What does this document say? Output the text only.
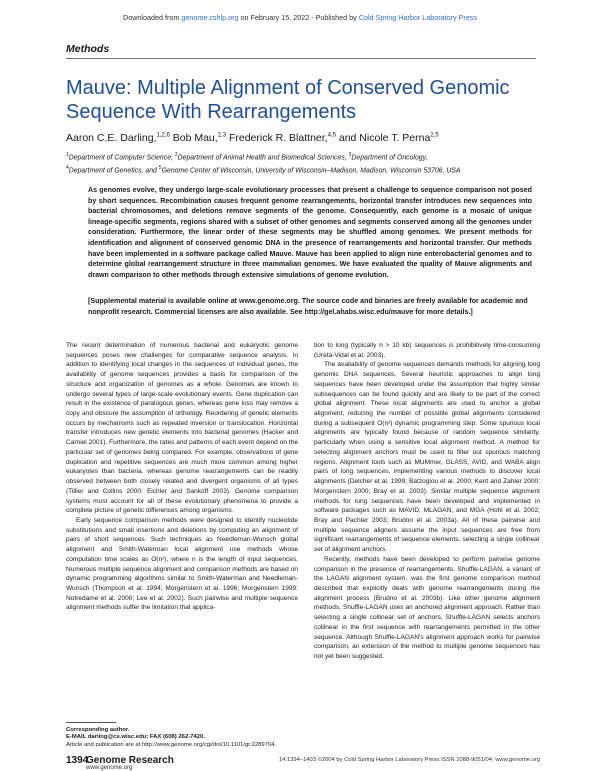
Downloaded from genome.cshlp.org on February 15, 2022 - Published by Cold Spring Harbor Laboratory Press
Methods
Mauve: Multiple Alignment of Conserved Genomic Sequence With Rearrangements
Aaron C.E. Darling,$^{1,2,6}$ Bob Mau,$^{2,3}$ Frederick R. Blattner,$^{4,5}$ and Nicole T. Perna$^{2,5}$
$^1$Department of Computer Science, $^2$Department of Animal Health and Biomedical Sciences, $^3$Department of Oncology,
$^4$Department of Genetics, and $^5$Genome Center of Wisconsin, University of Wisconsin–Madison, Madison, Wisconsin 53706, USA
As genomes evolve, they undergo large-scale evolutionary processes that present a challenge to sequence comparison not posed by short sequences. Recombination causes frequent genome rearrangements, horizontal transfer introduces new sequences into bacterial chromosomes, and deletions remove segments of the genome. Consequently, each genome is a mosaic of unique lineage-specific segments, regions shared with a subset of other genomes and segments conserved among all the genomes under consideration. Furthermore, the linear order of these segments may be shuffled among genomes. We present methods for identification and alignment of conserved genomic DNA in the presence of rearrangements and horizontal transfer. Our methods have been implemented in a software package called Mauve. Mauve has been applied to align nine enterobacterial genomes and to determine global rearrangement structure in three mammalian genomes. We have evaluated the quality of Mauve alignments and drawn comparison to other methods through extensive simulations of genome evolution.
[Supplemental material is available online at www.genome.org. The source code and binaries are freely available for academic and nonprofit research. Commercial licenses are also available. See http://gel.ahabs.wisc.edu/mauve for more details.]

The recent determination of numerous bacterial and eukaryotic genome sequences poses new challenges for comparative sequence analysis. In addition to identifying local changes in the sequences of individual genes, the availability of genome sequences provides a basis for comparison of the structure and organization of genomes as a whole. Genomes are known to undergo several types of large-scale evolutionary events. Gene duplication can result in the existence of paralogous genes, whereas gene loss may remove a copy and obscure the assumption of orthology. Reordering of genetic elements occurs by mechanisms such as repeated inversion or translocation. Horizontal transfer introduces new genetic elements into bacterial genomes (Hacker and Carniel 2001). Furthermore, the rates and patterns of each event depend on the particular set of genomes being compared. For example, observations of gene duplication and repetitive sequences are much more common among higher eukaryotes than bacteria, whereas genome rearrangements can be readily observed between both closely related and divergent organisms of all types (Tillier and Collins 2000; Eichler and Sankoff 2003). Genome comparison systems must account for all of these evolutionary phenomena to provide a complete picture of genetic differences among organisms.

Early sequence comparison methods were designed to identify nucleotide substitutions and small insertions and deletions by computing an alignment of pairs of short sequences. Such techniques as Needleman-Wunsch global alignment and Smith-Waterman local alignment use methods whose computation time scales as O(n²), where n is the length of input sequences. Numerous multiple sequence alignment and comparison methods are based on dynamic programming algorithms similar to Smith-Waterman and Needleman-Wunsch (Thompson et al. 1994; Morgenstern et al. 1996; Morgenstern 1999; Notredame et al. 2000; Lee et al. 2002). Such pairwise and multiple sequence alignment methods suffer the limitation that applica-

tion to long (typically n > 10 kb) sequences is prohibitively time-consuming (Ureta-Vidal et al. 2003).

The availability of genome sequences demands methods for aligning long genomic DNA sequences. Several heuristic approaches to align long sequences have been developed under the assumption that highly similar subsequences can be found quickly and are likely to be part of the correct global alignment. These local alignments are used to anchor a global alignment, reducing the number of possible global alignments considered during a subsequent O(n²) dynamic programming step. Some spurious local alignments are typically found because of random sequence similarity, particularly when using a sensitive local alignment method. A method for selecting alignment anchors must be used to filter out spurious matching regions. Alignment tools such as MUMmer, GLASS, AVID, and WABA align pairs of long sequences, implementing various methods to discover local alignments (Delcher et al. 1999; Batzoglou et al. 2000; Kent and Zahler 2000; Morgenstern 2000; Bray et al. 2003). Similar multiple sequence alignment methods for long sequences have been developed and implemented in software packages such as MAVID, MLAGAN, and MGA (Hohl et al. 2002; Bray and Pachter 2003; Brudno et al. 2003a). All of these pairwise and multiple sequence aligners assume the input sequences are free from significant rearrangements of sequence elements, selecting a single collinear set of alignment anchors.

Recently, methods have been developed to perform pairwise genome comparison in the presence of rearrangements. Shuffle-LAGAN, a variant of the LAGAN alignment system, was the first genome comparison method described that explicitly deals with genome rearrangements during the alignment process (Brudno et al. 2003b). Like other genome alignment methods, Shuffle-LAGAN uses an anchored alignment approach. Rather than selecting a single collinear set of anchors, Shuffle-LAGAN selects anchors collinear in the first sequence with rearrangements permitted in the other sequence. Although Shuffle-LAGAN's alignment approach works for pairwise comparison, an extension of the method to multiple genome sequences has not yet been suggested.

Corresponding author.
E-MAIL darling@cs.wisc.edu; FAX (608) 262-7420.
Article and publication are at http://www.genome.org/cgi/doi/10.1101/gr.2289704.
1394
Genome Research
www.genome.org
14:1394–1403 ©2004 by Cold Spring Harbor Laboratory Press ISSN 1088-9051/04; www.genome.org
